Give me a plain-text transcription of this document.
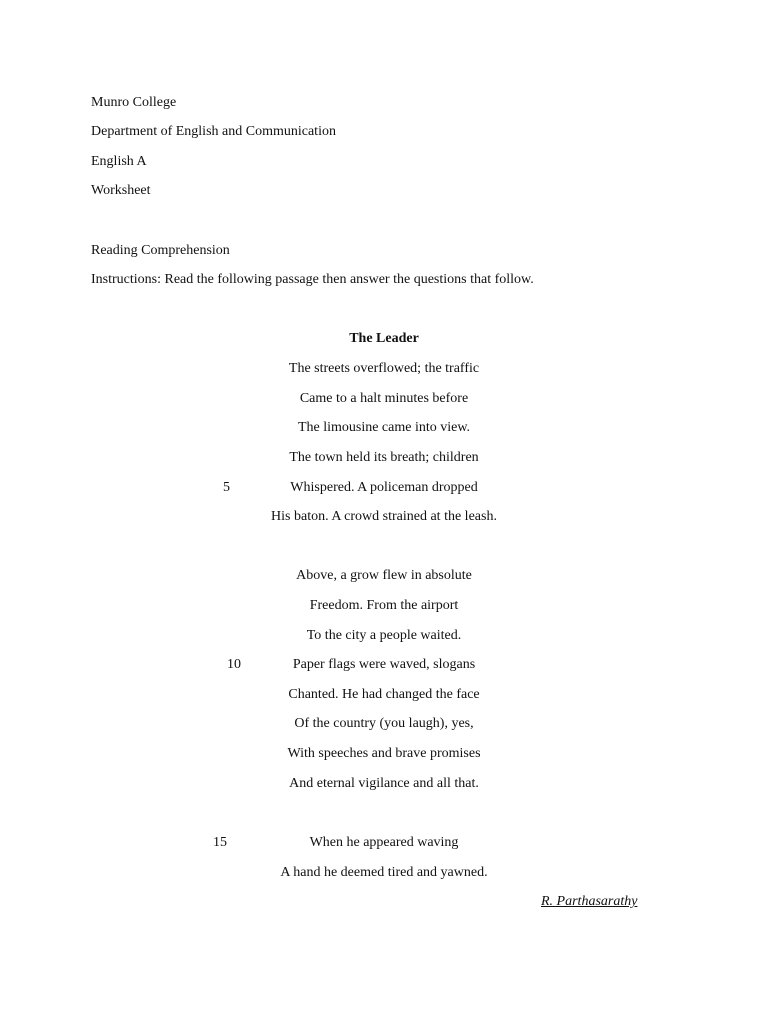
Munro College
Department of English and Communication
English A
Worksheet
Reading Comprehension
Instructions: Read the following passage then answer the questions that follow.
The Leader
The streets overflowed; the traffic
Came to a halt minutes before
The limousine came into view.
The town held its breath; children
5	Whispered. A policeman dropped
His baton. A crowd strained at the leash.
Above, a grow flew in absolute
Freedom. From the airport
To the city a people waited.
10	Paper flags were waved, slogans
Chanted. He had changed the face
Of the country (you laugh), yes,
With speeches and brave promises
And eternal vigilance and all that.
15	When he appeared waving
A hand he deemed tired and yawned.
R. Parthasarathy
